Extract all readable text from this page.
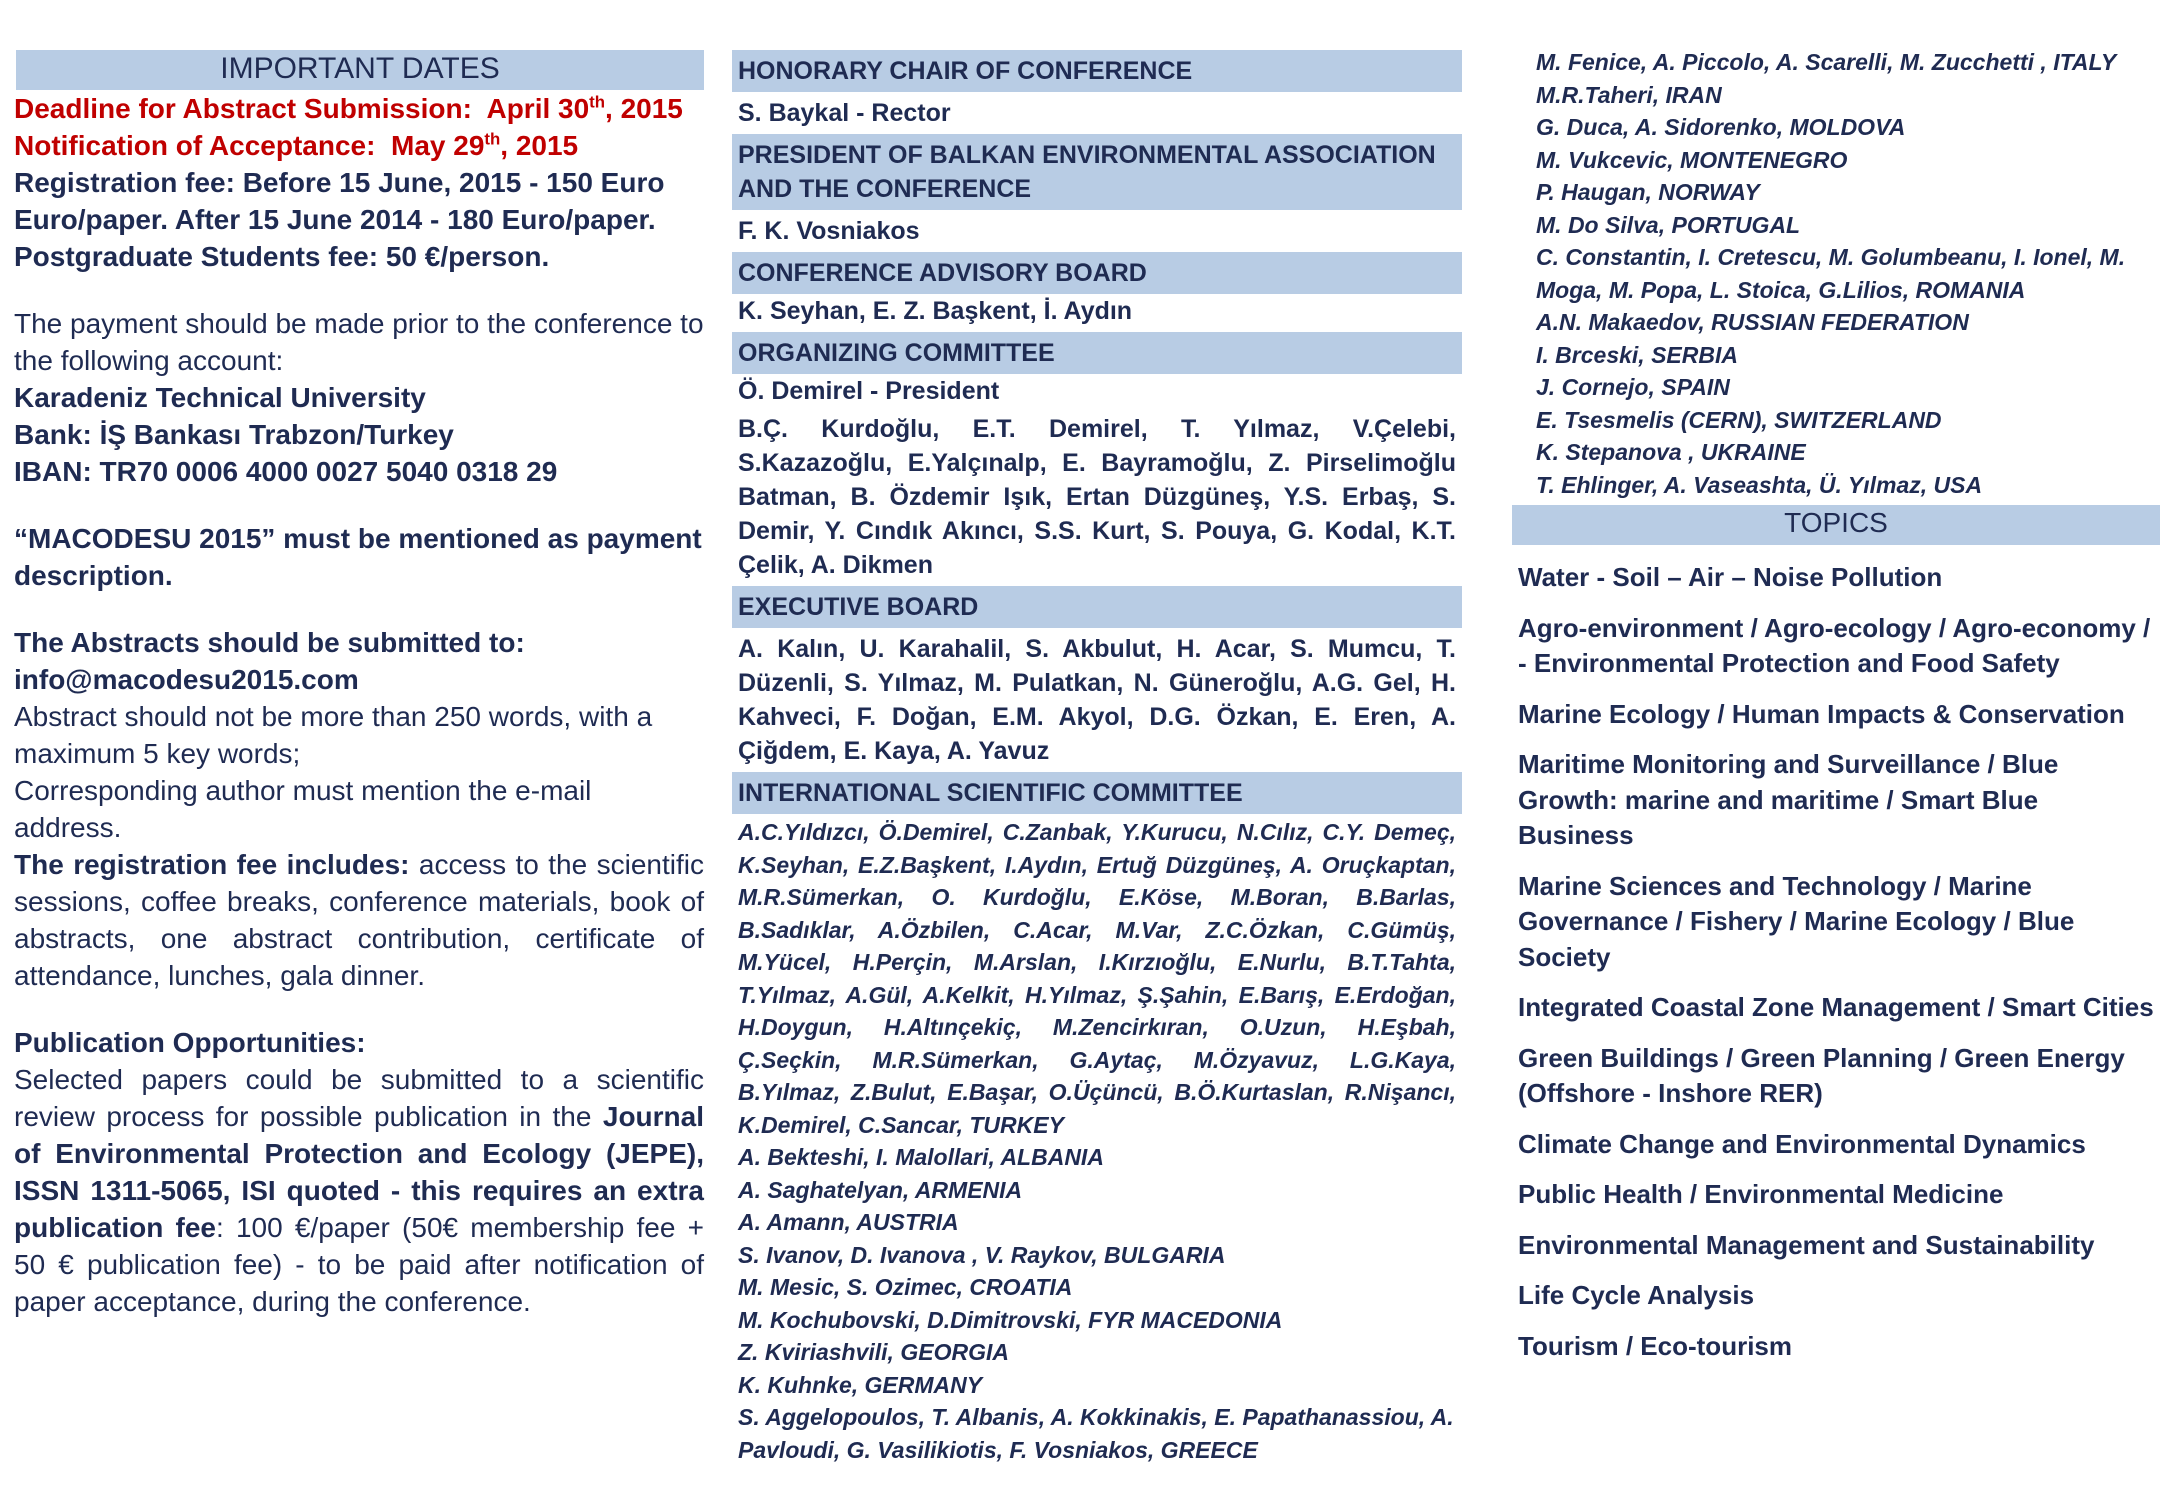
IMPORTANT DATES

Deadline for Abstract Submission: April 30th, 2015

Notification of Acceptance: May 29th, 2015

Registration fee: Before 15 June, 2015 - 150 Euro

Euro/paper. After 15 June 2014 - 180 Euro/paper.

Postgraduate Students fee: 50 €/person.

The payment should be made prior to the conference to the following account:

Karadeniz Technical University

Bank: İŞ Bankası Trabzon/Turkey

IBAN: TR70 0006 4000 0027 5040 0318 29

“MACODESU 2015” must be mentioned as payment description.

The Abstracts should be submitted to:

info@macodesu2015.com

Abstract should not be more than 250 words, with a maximum 5 key words;

Corresponding author must mention the e-mail address.

The registration fee includes: access to the scientific sessions, coffee breaks, conference materials, book of abstracts, one abstract contribution, certificate of attendance, lunches, gala dinner.

Publication Opportunities:

Selected papers could be submitted to a scientific review process for possible publication in the Journal of Environmental Protection and Ecology (JEPE), ISSN 1311-5065, ISI quoted - this requires an extra publication fee: 100 €/paper (50€ membership fee + 50 € publication fee) - to be paid after notification of paper acceptance, during the conference.

HONORARY CHAIR OF CONFERENCE
S. Baykal - Rector
PRESIDENT OF BALKAN ENVIRONMENTAL ASSOCIATION AND THE CONFERENCE
F. K. Vosniakos
CONFERENCE ADVISORY BOARD
K. Seyhan, E. Z. Başkent, İ. Aydın
ORGANIZING COMMITTEE
Ö. Demirel - President
B.Ç. Kurdoğlu, E.T. Demirel, T. Yılmaz, V.Çelebi, S.Kazazoğlu, E.Yalçınalp, E. Bayramoğlu, Z. Pirselimoğlu Batman, B. Özdemir Işık, Ertan Düzgüneş, Y.S. Erbaş, S. Demir, Y. Cındık Akıncı, S.S. Kurt, S. Pouya, G. Kodal, K.T. Çelik, A. Dikmen
EXECUTIVE BOARD
A. Kalın, U. Karahalil, S. Akbulut, H. Acar, S. Mumcu, T. Düzenli, S. Yılmaz, M. Pulatkan, N. Güneroğlu, A.G. Gel, H. Kahveci, F. Doğan, E.M. Akyol, D.G. Özkan, E. Eren, A. Çiğdem, E. Kaya, A. Yavuz
INTERNATIONAL SCIENTIFIC COMMITTEE
A.C.Yıldızcı, Ö.Demirel, C.Zanbak, Y.Kurucu, N.Cılız, C.Y. Demeç, K.Seyhan, E.Z.Başkent, I.Aydın, Ertuğ Düzgüneş, A. Oruçkaptan, M.R.Sümerkan, O. Kurdoğlu, E.Köse, M.Boran, B.Barlas, B.Sadıklar, A.Özbilen, C.Acar, M.Var, Z.C.Özkan, C.Gümüş, M.Yücel, H.Perçin, M.Arslan, I.Kırzıoğlu, E.Nurlu, B.T.Tahta, T.Yılmaz, A.Gül, A.Kelkit, H.Yılmaz, Ş.Şahin, E.Barış, E.Erdoğan, H.Doygun, H.Altınçekiç, M.Zencirkıran, O.Uzun, H.Eşbah, Ç.Seçkin, M.R.Sümerkan, G.Aytaç, M.Özyavuz, L.G.Kaya, B.Yılmaz, Z.Bulut, E.Başar, O.Üçüncü, B.Ö.Kurtaslan, R.Nişancı, K.Demirel, C.Sancar, TURKEY
A. Bekteshi, I. Malollari, ALBANIA
A. Saghatelyan, ARMENIA
A. Amann, AUSTRIA
S. Ivanov, D. Ivanova , V. Raykov, BULGARIA
M. Mesic, S. Ozimec, CROATIA
M. Kochubovski, D.Dimitrovski, FYR MACEDONIA
Z. Kviriashvili, GEORGIA
K. Kuhnke, GERMANY
S. Aggelopoulos, T. Albanis, A. Kokkinakis, E. Papathanassiou, A. Pavloudi, G. Vasilikiotis, F. Vosniakos, GREECE
M. Fenice, A. Piccolo, A. Scarelli, M. Zucchetti , ITALY
M.R.Taheri, IRAN
G. Duca, A. Sidorenko, MOLDOVA
M. Vukcevic, MONTENEGRO
P. Haugan, NORWAY
M. Do Silva, PORTUGAL
C. Constantin, I. Cretescu, M. Golumbeanu, I. Ionel, M. Moga, M. Popa, L. Stoica, G.Lilios, ROMANIA
A.N. Makaedov, RUSSIAN FEDERATION
I. Brceski, SERBIA
J. Cornejo, SPAIN
E. Tsesmelis (CERN), SWITZERLAND
K. Stepanova , UKRAINE
T. Ehlinger, A. Vaseashta, Ü. Yılmaz, USA
TOPICS
Water - Soil – Air – Noise Pollution
Agro-environment / Agro-ecology / Agro-economy / - Environmental Protection and Food Safety
Marine Ecology / Human Impacts & Conservation
Maritime Monitoring and Surveillance / Blue Growth: marine and maritime / Smart Blue Business
Marine Sciences and Technology / Marine Governance / Fishery / Marine Ecology / Blue Society
Integrated Coastal Zone Management / Smart Cities
Green Buildings / Green Planning / Green Energy (Offshore - Inshore RER)
Climate Change and Environmental Dynamics
Public Health / Environmental Medicine
Environmental Management and Sustainability
Life Cycle Analysis
Tourism / Eco-tourism
